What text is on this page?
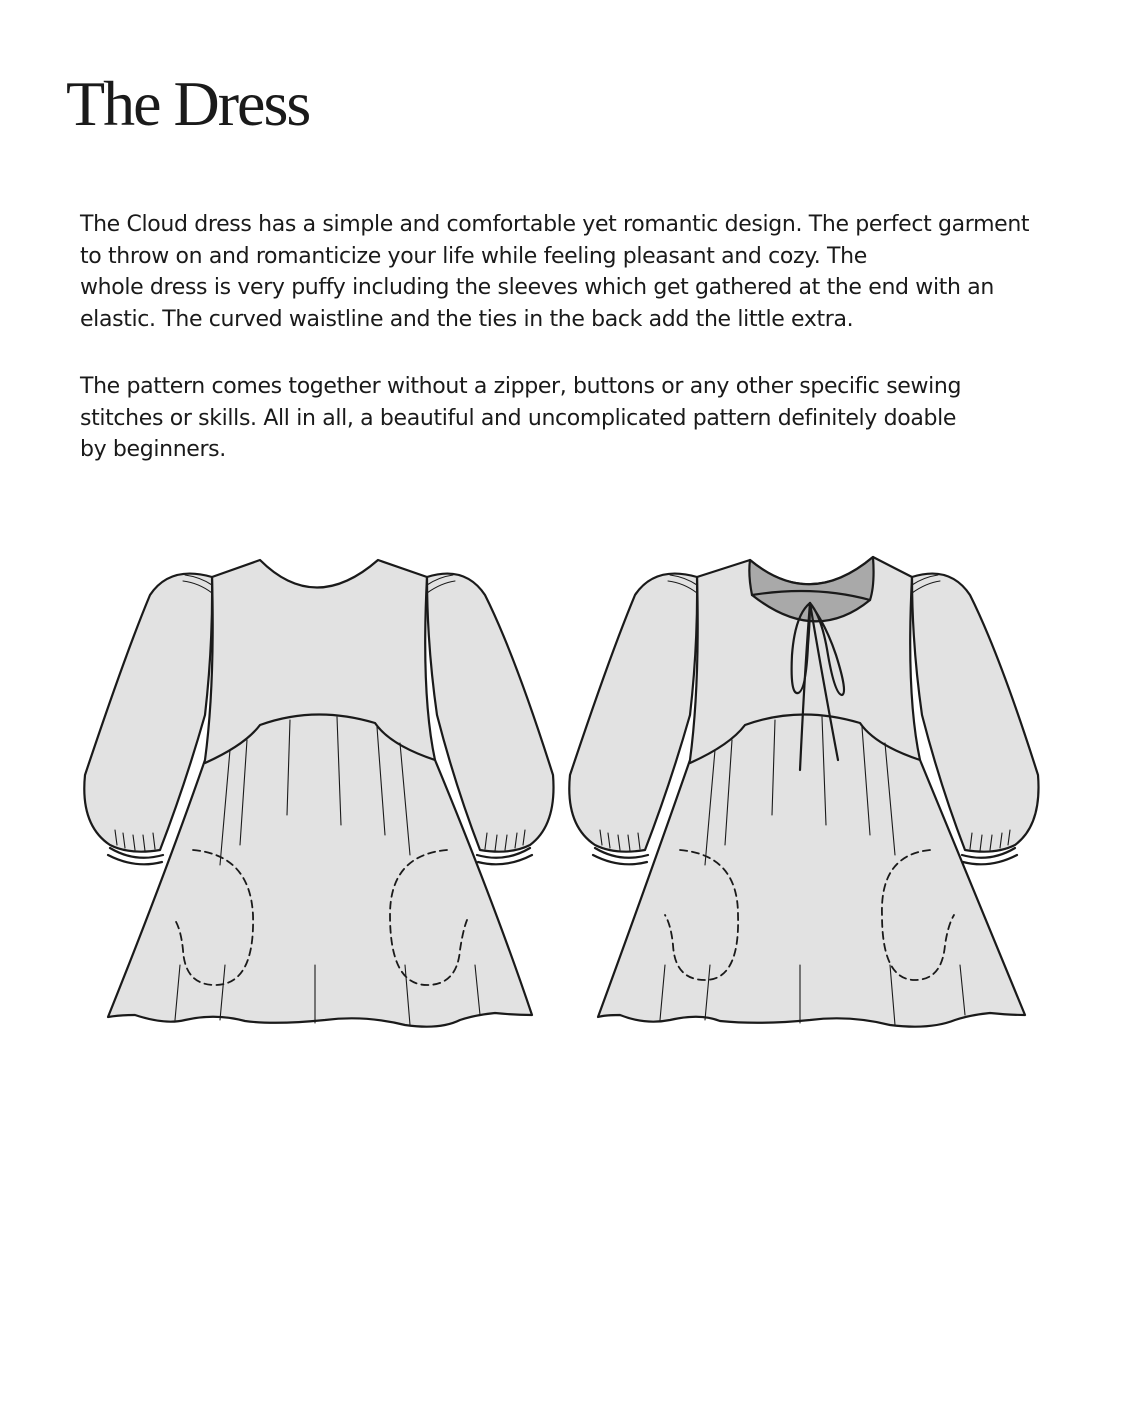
The Dress

The Cloud dress has a simple and comfortable yet romantic design. The perfect garment
to throw on and romanticize your life while feeling pleasant and cozy. The
whole dress is very puffy including the sleeves which get gathered at the end with an
elastic. The curved waistline and the ties in the back add the little extra.

The pattern comes together without a zipper, buttons or any other specific sewing
stitches or skills. All in all, a beautiful and uncomplicated pattern definitely doable
by beginners.
